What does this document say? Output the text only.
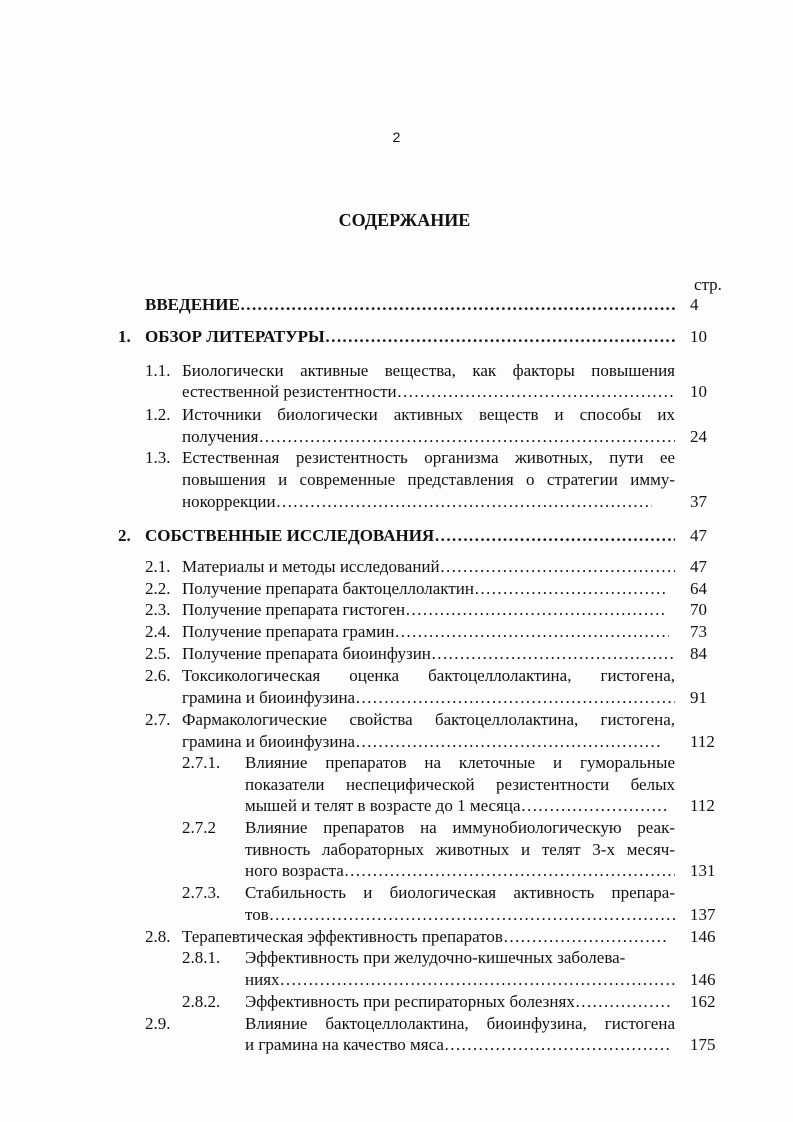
2
СОДЕРЖАНИЕ
стр.
ВВЕДЕНИЕ ………………………………………………………………………………………………………………………………………………	4
1. ОБЗОР ЛИТЕРАТУРЫ ………………………………………………………………………………………………………………………………………………	10
1.1. Биологически активные вещества, как факторы повышения
естественной резистентности ………………………………………………………………………………………………………………………………………………	10
1.2. Источники биологически активных веществ и способы их
получения ………………………………………………………………………………………………………………………………………………	24
1.3. Естественная резистентность организма животных, пути ее
повышения и современные представления о стратегии имму-
нокоррекции ………………………………………………………………………………………………………………………………………………	37
2. СОБСТВЕННЫЕ ИССЛЕДОВАНИЯ ………………………………………………………………………………………………………………………………………………	47
2.1. Материалы и методы исследований ………………………………………………………………………………………………………………………………………………	47
2.2. Получение препарата бактоцеллолактин ………………………………………………………………………………………………………………………………………………	64
2.3. Получение препарата гистоген ………………………………………………………………………………………………………………………………………………	70
2.4. Получение препарата грамин ………………………………………………………………………………………………………………………………………………	73
2.5. Получение препарата биоинфузин ………………………………………………………………………………………………………………………………………………	84
2.6. Токсикологическая оценка бактоцеллолактина, гистогена,
грамина и биоинфузина ………………………………………………………………………………………………………………………………………………	91
2.7. Фармакологические свойства бактоцеллолактина, гистогена,
грамина и биоинфузина ………………………………………………………………………………………………………………………………………………	112
2.7.1. Влияние препаратов на клеточные и гуморальные
показатели неспецифической резистентности белых
мышей и телят в возрасте до 1 месяца ………………………………………………………………………………………………………………………………………………	112
2.7.2 Влияние препаратов на иммунобиологическую реак-
тивность лабораторных животных и телят 3-х месяч-
ного возраста ………………………………………………………………………………………………………………………………………………	131
2.7.3. Стабильность и биологическая активность препара-
тов ………………………………………………………………………………………………………………………………………………	137
2.8. Терапевтическая эффективность препаратов ………………………………………………………………………………………………………………………………………………	146
2.8.1. Эффективность при желудочно-кишечных заболева-
ниях ………………………………………………………………………………………………………………………………………………	146
2.8.2. Эффективность при респираторных болезнях ………………………………………………………………………………………………………………………………………………	162
2.9.	Влияние бактоцеллолактина, биоинфузина, гистогена
и грамина на качество мяса ………………………………………………………………………………………………………………………………………………	175
